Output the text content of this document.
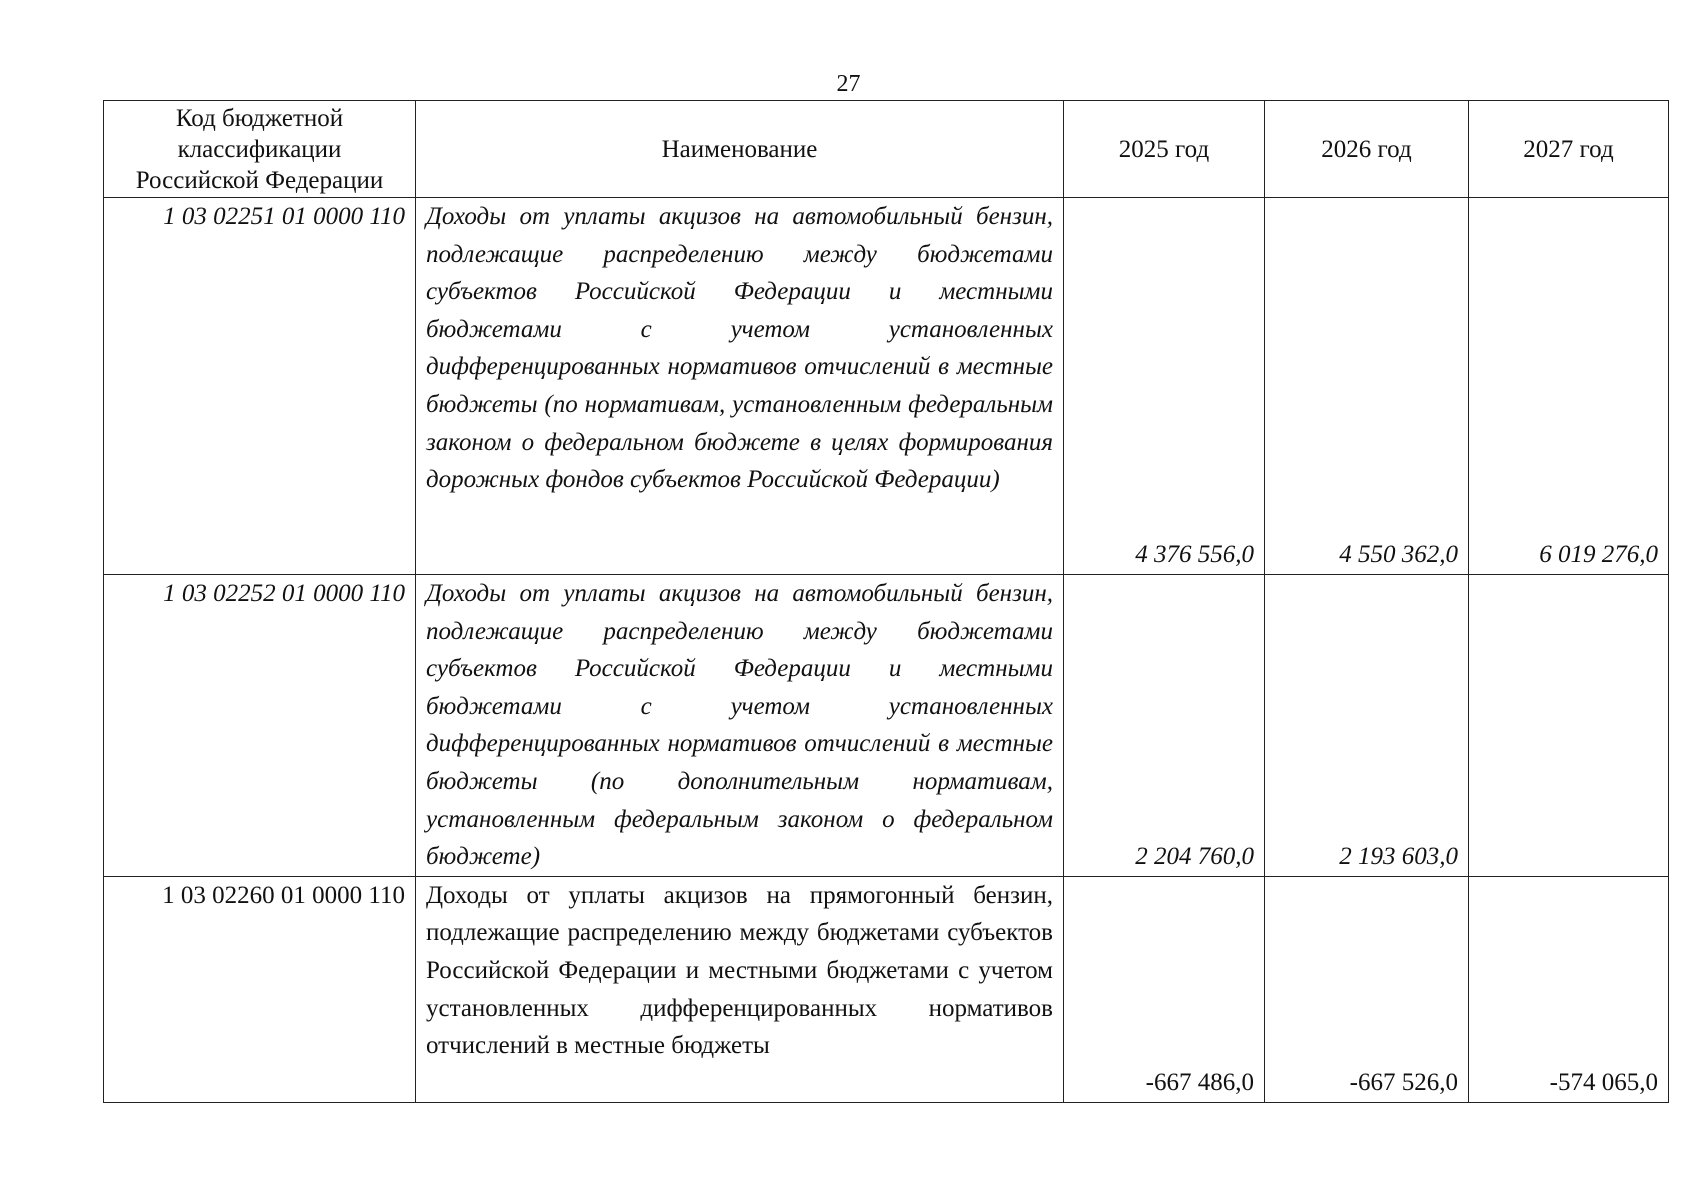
27
Код бюджетной классификации Российской Федерации	Наименование	2025 год	2026 год	2027 год
1 03 02251 01 0000 110	Доходы от уплаты акцизов на автомобильный бензин, подлежащие распределению между бюджетами субъектов Российской Федерации и местными бюджетами с учетом установленных дифференцированных нормативов отчислений в местные бюджеты (по нормативам, установленным федеральным законом о федеральном бюджете в целях формирования дорожных фондов субъектов Российской Федерации)	4 376 556,0	4 550 362,0	6 019 276,0
1 03 02252 01 0000 110	Доходы от уплаты акцизов на автомобильный бензин, подлежащие распределению между бюджетами субъектов Российской Федерации и местными бюджетами с учетом установленных дифференцированных нормативов отчислений в местные бюджеты (по дополнительным нормативам, установленным федеральным законом о федеральном бюджете)	2 204 760,0	2 193 603,0	
1 03 02260 01 0000 110	Доходы от уплаты акцизов на прямогонный бензин, подлежащие распределению между бюджетами субъектов Российской Федерации и местными бюджетами с учетом установленных дифференцированных нормативов отчислений в местные бюджеты	-667 486,0	-667 526,0	-574 065,0
